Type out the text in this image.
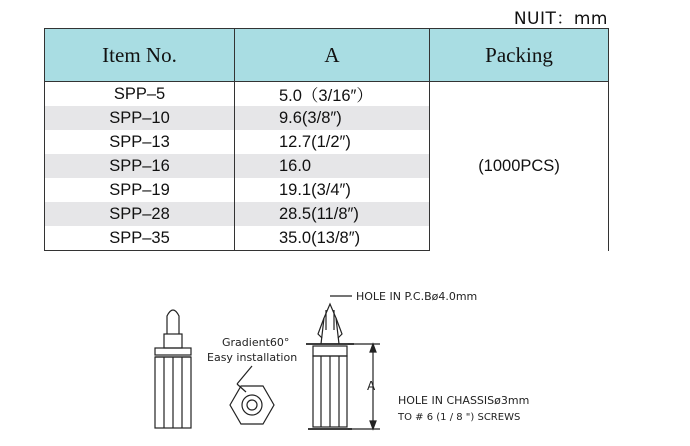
NUIT：mm
Item No.	A	Packing
SPP–5	5.0（3/16″）	(1000PCS)
SPP–10	9.6(3/8″)	
SPP–13	12.7(1/2″)	
SPP–16	16.0	
SPP–19	19.1(3/4″)	
SPP–28	28.5(11/8″)	
SPP–35	35.0(13/8″)	
HOLE IN P.C.Bø4.0mm
Gradient60°
Easy installation
A
HOLE IN CHASSISø3mm
TO # 6 (1 / 8 ") SCREWS
